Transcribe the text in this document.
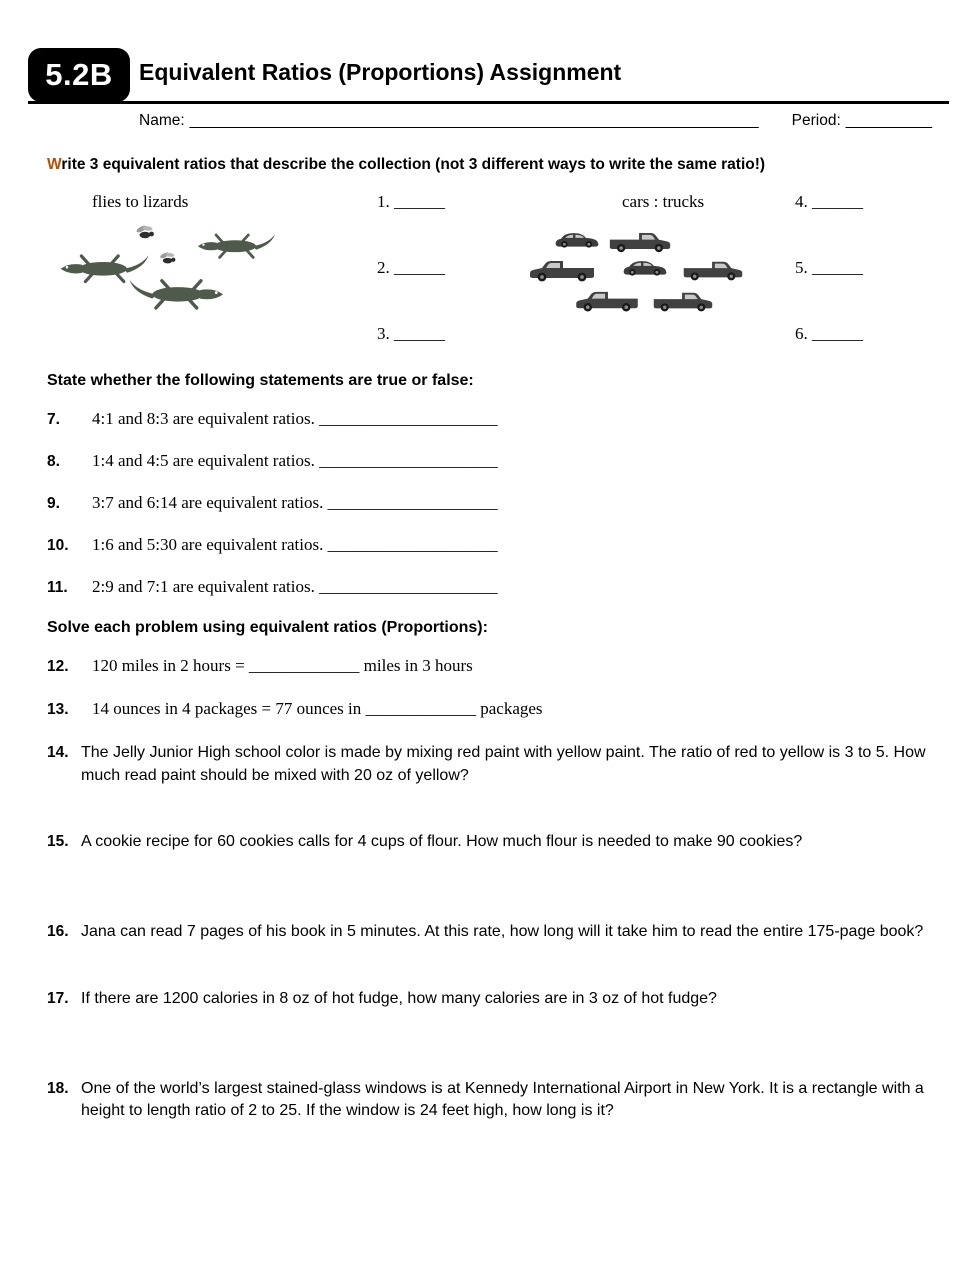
5.2B	Equivalent Ratios (Proportions) Assignment
Name: __________________________________________________________________ Period: __________

Write 3 equivalent ratios that describe the collection (not 3 different ways to write the same ratio!)

flies to lizards	cars : trucks
1. ______
2. ______
3. ______
4. ______
5. ______
6. ______
State whether the following statements are true or false:
7.	4:1 and 8:3 are equivalent ratios. _____________________
8.	1:4 and 4:5 are equivalent ratios. _____________________
9.	3:7 and 6:14 are equivalent ratios. ____________________
10.	1:6 and 5:30 are equivalent ratios. ____________________
11.	2:9 and 7:1 are equivalent ratios. _____________________
Solve each problem using equivalent ratios (Proportions):
12.	120 miles in 2 hours = _____________ miles in 3 hours
13.	14 ounces in 4 packages = 77 ounces in _____________ packages
14. The Jelly Junior High school color is made by mixing red paint with yellow paint. The ratio of red to yellow is 3 to 5. How much read paint should be mixed with 20 oz of yellow?
15. A cookie recipe for 60 cookies calls for 4 cups of flour. How much flour is needed to make 90 cookies?
16. Jana can read 7 pages of his book in 5 minutes. At this rate, how long will it take him to read the entire 175-page book?
17. If there are 1200 calories in 8 oz of hot fudge, how many calories are in 3 oz of hot fudge?
18. One of the world’s largest stained-glass windows is at Kennedy International Airport in New York. It is a rectangle with a height to length ratio of 2 to 25. If the window is 24 feet high, how long is it?
